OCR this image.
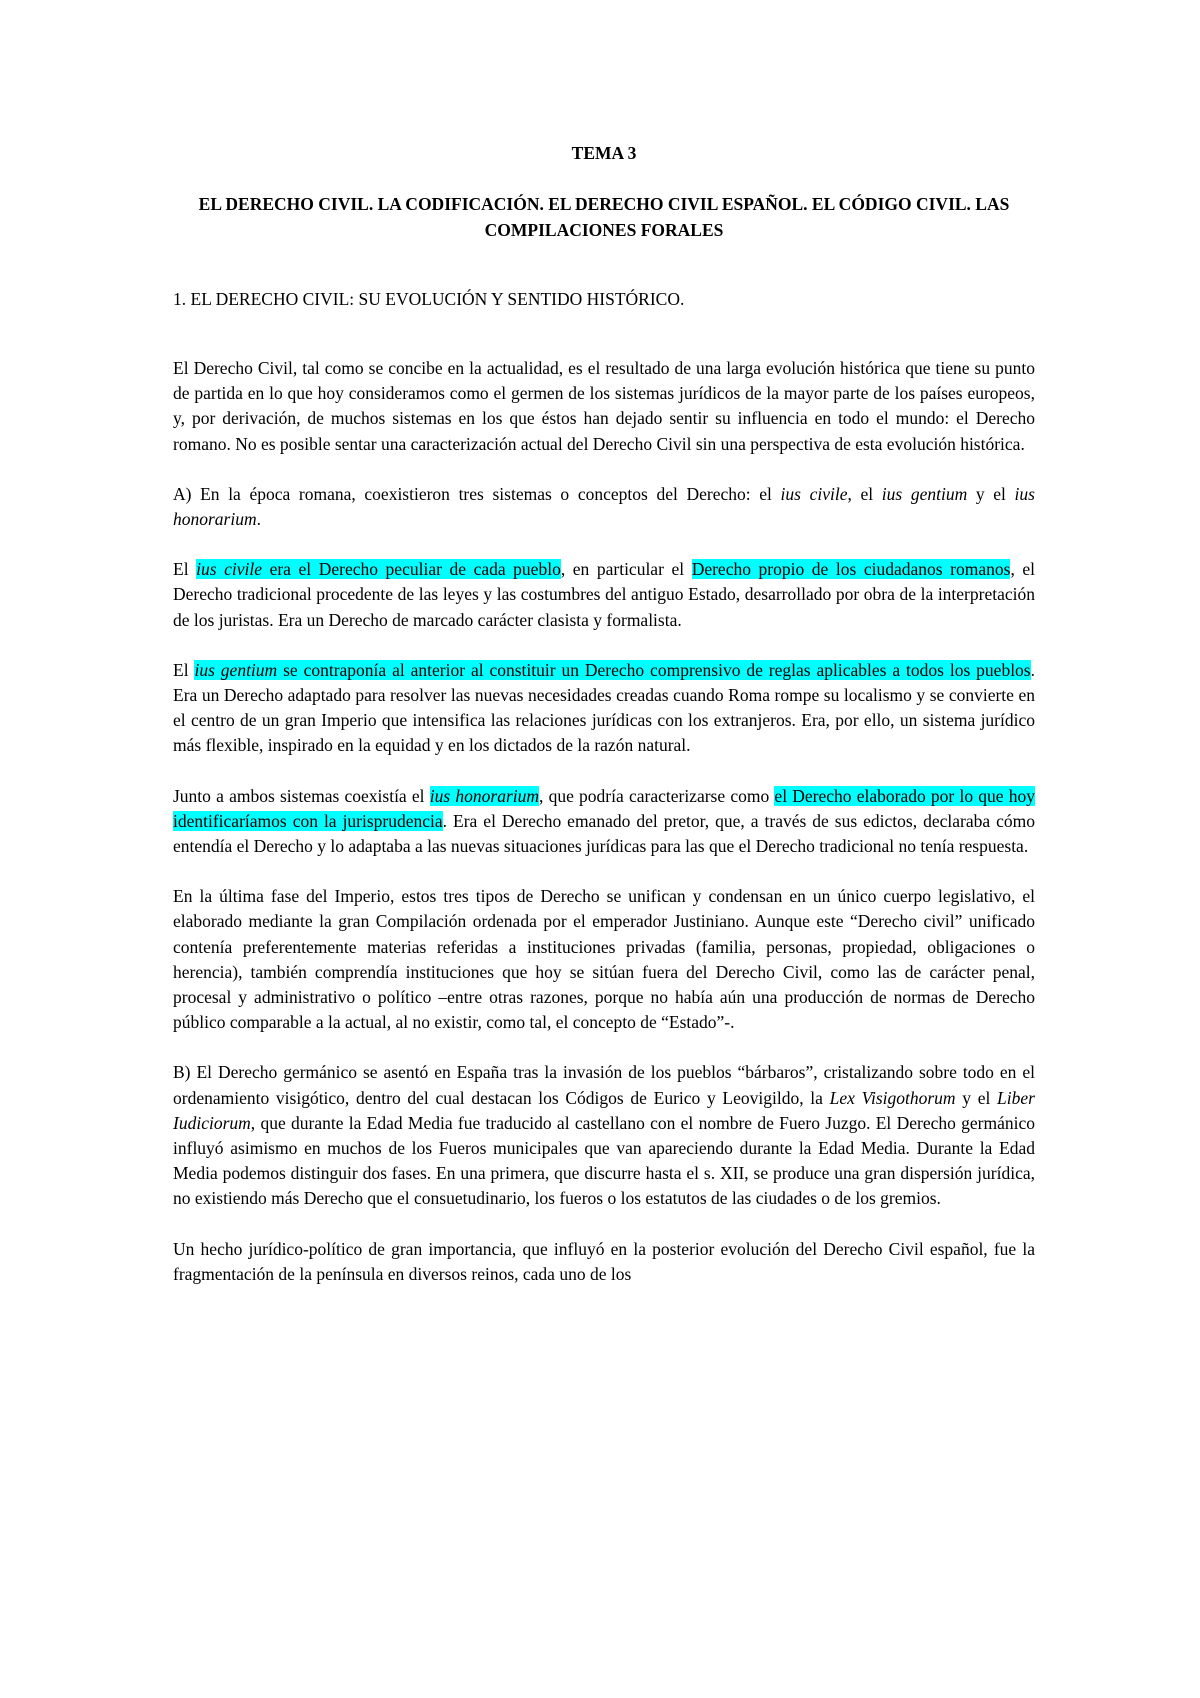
TEMA 3
EL DERECHO CIVIL. LA CODIFICACIÓN. EL DERECHO CIVIL ESPAÑOL. EL CÓDIGO CIVIL. LAS COMPILACIONES FORALES
1. EL DERECHO CIVIL: SU EVOLUCIÓN Y SENTIDO HISTÓRICO.

El Derecho Civil, tal como se concibe en la actualidad, es el resultado de una larga evolución histórica que tiene su punto de partida en lo que hoy consideramos como el germen de los sistemas jurídicos de la mayor parte de los países europeos, y, por derivación, de muchos sistemas en los que éstos han dejado sentir su influencia en todo el mundo: el Derecho romano. No es posible sentar una caracterización actual del Derecho Civil sin una perspectiva de esta evolución histórica.

A) En la época romana, coexistieron tres sistemas o conceptos del Derecho: el ius civile, el ius gentium y el ius honorarium.

El ius civile era el Derecho peculiar de cada pueblo, en particular el Derecho propio de los ciudadanos romanos, el Derecho tradicional procedente de las leyes y las costumbres del antiguo Estado, desarrollado por obra de la interpretación de los juristas. Era un Derecho de marcado carácter clasista y formalista.

El ius gentium se contraponía al anterior al constituir un Derecho comprensivo de reglas aplicables a todos los pueblos. Era un Derecho adaptado para resolver las nuevas necesidades creadas cuando Roma rompe su localismo y se convierte en el centro de un gran Imperio que intensifica las relaciones jurídicas con los extranjeros. Era, por ello, un sistema jurídico más flexible, inspirado en la equidad y en los dictados de la razón natural.

Junto a ambos sistemas coexistía el ius honorarium, que podría caracterizarse como el Derecho elaborado por lo que hoy identificaríamos con la jurisprudencia. Era el Derecho emanado del pretor, que, a través de sus edictos, declaraba cómo entendía el Derecho y lo adaptaba a las nuevas situaciones jurídicas para las que el Derecho tradicional no tenía respuesta.

En la última fase del Imperio, estos tres tipos de Derecho se unifican y condensan en un único cuerpo legislativo, el elaborado mediante la gran Compilación ordenada por el emperador Justiniano. Aunque este “Derecho civil” unificado contenía preferentemente materias referidas a instituciones privadas (familia, personas, propiedad, obligaciones o herencia), también comprendía instituciones que hoy se sitúan fuera del Derecho Civil, como las de carácter penal, procesal y administrativo o político –entre otras razones, porque no había aún una producción de normas de Derecho público comparable a la actual, al no existir, como tal, el concepto de “Estado”-.

B) El Derecho germánico se asentó en España tras la invasión de los pueblos “bárbaros”, cristalizando sobre todo en el ordenamiento visigótico, dentro del cual destacan los Códigos de Eurico y Leovigildo, la Lex Visigothorum y el Liber Iudiciorum, que durante la Edad Media fue traducido al castellano con el nombre de Fuero Juzgo. El Derecho germánico influyó asimismo en muchos de los Fueros municipales que van apareciendo durante la Edad Media. Durante la Edad Media podemos distinguir dos fases. En una primera, que discurre hasta el s. XII, se produce una gran dispersión jurídica, no existiendo más Derecho que el consuetudinario, los fueros o los estatutos de las ciudades o de los gremios.

Un hecho jurídico-político de gran importancia, que influyó en la posterior evolución del Derecho Civil español, fue la fragmentación de la península en diversos reinos, cada uno de los
